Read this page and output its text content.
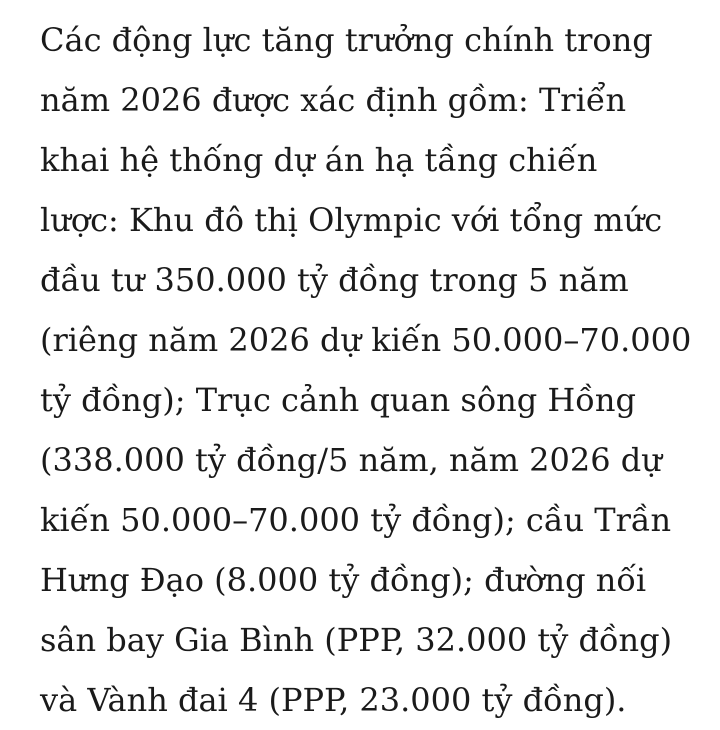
Các động lực tăng trưởng chính trong
năm 2026 được xác định gồm: Triển
khai hệ thống dự án hạ tầng chiến
lược: Khu đô thị Olympic với tổng mức
đầu tư 350.000 tỷ đồng trong 5 năm
(riêng năm 2026 dự kiến 50.000–70.000
tỷ đồng); Trục cảnh quan sông Hồng
(338.000 tỷ đồng/5 năm, năm 2026 dự
kiến 50.000–70.000 tỷ đồng); cầu Trần
Hưng Đạo (8.000 tỷ đồng); đường nối
sân bay Gia Bình (PPP, 32.000 tỷ đồng)
và Vành đai 4 (PPP, 23.000 tỷ đồng).
